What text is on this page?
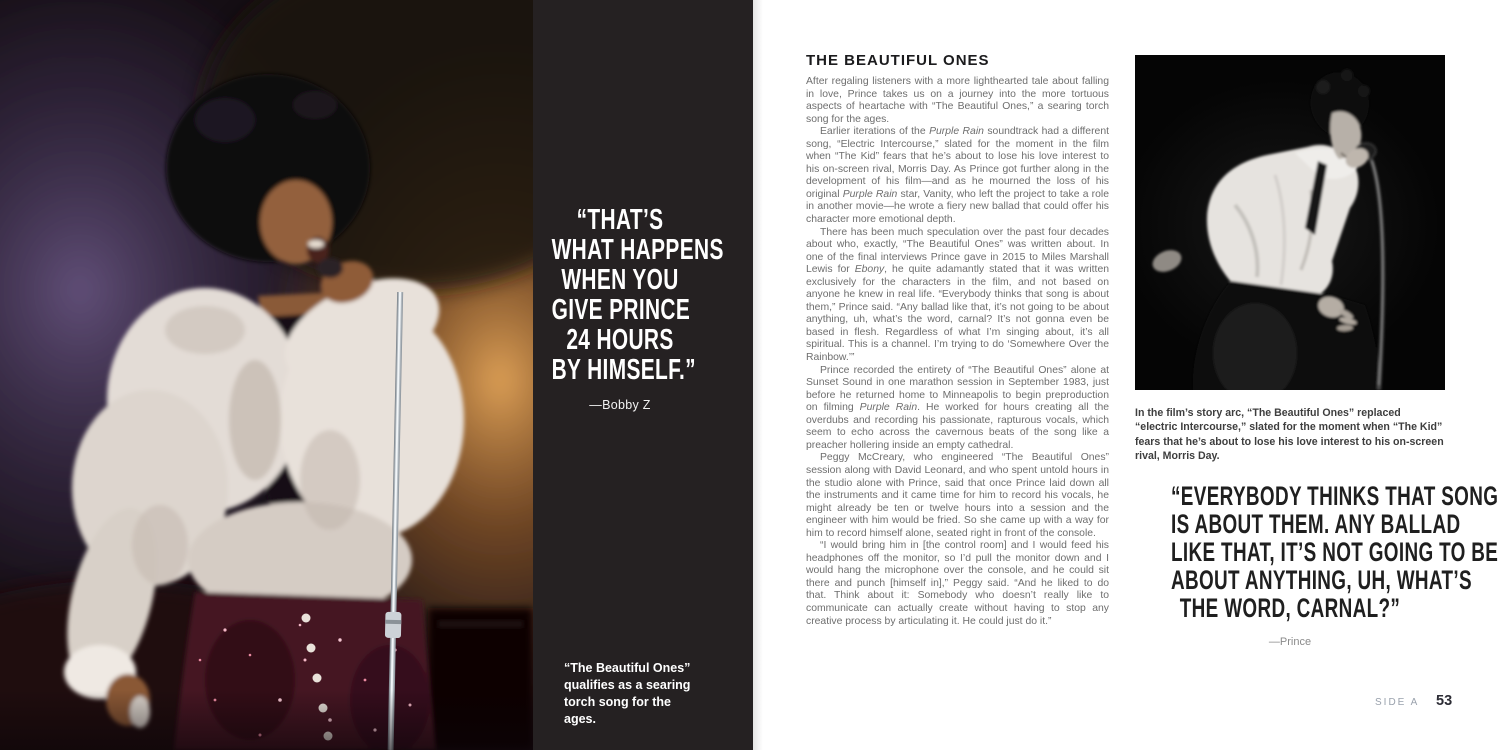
“THAT’S
WHAT HAPPENS
WHEN YOU
GIVE PRINCE
24 HOURS
BY HIMSELF.”
—Bobby Z
“The Beautiful Ones” qualifies as a searing torch song for the ages.
THE BEAUTIFUL ONES

After regaling listeners with a more lighthearted tale about falling in love, Prince takes us on a journey into the more tortuous aspects of heartache with “The Beautiful Ones,” a searing torch song for the ages.

Earlier iterations of the Purple Rain soundtrack had a different song, “Electric Intercourse,” slated for the moment in the film when “The Kid” fears that he’s about to lose his love interest to his on-screen rival, Morris Day. As Prince got further along in the development of his film—and as he mourned the loss of his original Purple Rain star, Vanity, who left the project to take a role in another movie—he wrote a fiery new ballad that could offer his character more emotional depth.

There has been much speculation over the past four decades about who, exactly, “The Beautiful Ones” was written about. In one of the final interviews Prince gave in 2015 to Miles Marshall Lewis for Ebony, he quite adamantly stated that it was written exclusively for the characters in the film, and not based on anyone he knew in real life. “Everybody thinks that song is about them,” Prince said. “Any ballad like that, it’s not going to be about anything, uh, what’s the word, carnal? It’s not gonna even be based in flesh. Regardless of what I’m singing about, it’s all spiritual. This is a channel. I’m trying to do ‘Somewhere Over the Rainbow.’”

Prince recorded the entirety of “The Beautiful Ones” alone at Sunset Sound in one marathon session in September 1983, just before he returned home to Minneapolis to begin preproduction on filming Purple Rain. He worked for hours creating all the overdubs and recording his passionate, rapturous vocals, which seem to echo across the cavernous beats of the song like a preacher hollering inside an empty cathedral.

Peggy McCreary, who engineered “The Beautiful Ones” session along with David Leonard, and who spent untold hours in the studio alone with Prince, said that once Prince laid down all the instruments and it came time for him to record his vocals, he might already be ten or twelve hours into a session and the engineer with him would be fried. So she came up with a way for him to record himself alone, seated right in front of the console.

“I would bring him in [the control room] and I would feed his headphones off the monitor, so I’d pull the monitor down and I would hang the microphone over the console, and he could sit there and punch [himself in],” Peggy said. “And he liked to do that. Think about it: Somebody who doesn’t really like to communicate can actually create without having to stop any creative process by articulating it. He could just do it.”

In the film’s story arc, “The Beautiful Ones” replaced “electric Intercourse,” slated for the moment when “The Kid” fears that he’s about to lose his love interest to his on-screen rival, Morris Day.
“EVERYBODY THINKS THAT SONG
IS ABOUT THEM. ANY BALLAD
LIKE THAT, IT’S NOT GOING TO BE
ABOUT ANYTHING, UH, WHAT’S
THE WORD, CARNAL?”
—Prince
SIDE A 53
